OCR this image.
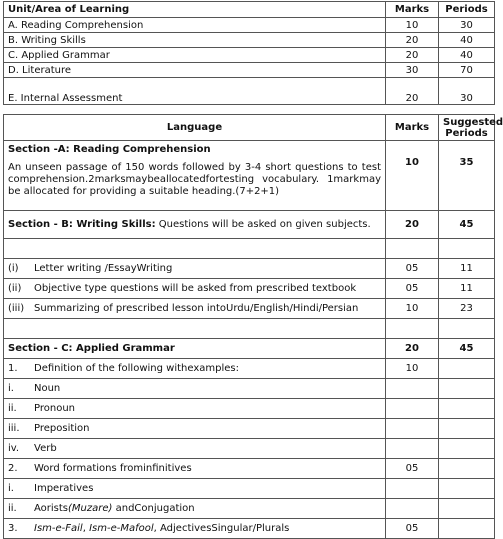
Unit/Area of Learning	Marks	Periods
A. Reading Comprehension	10	30
B. Writing Skills	20	40
C. Applied Grammar	20	40
D. Literature	30	70
E. Internal Assessment	20	30
Language	Marks	Suggested Periods

Section -A: Reading Comprehension
An unseen passage of 150 words followed by 3-4 short questions to test comprehension.2marksmaybeallocatedfortesting vocabulary. 1markmay be allocated for providing a suitable heading.(7+2+1)	10	35
Section - B: Writing Skills: Questions will be asked on given subjects.	20	45

(i) Letter writing /EssayWriting	05	11
(ii) Objective type questions will be asked from prescribed textbook	05	11
(iii) Summarizing of prescribed lesson intoUrdu/English/Hindi/Persian	10	23

Section - C: Applied Grammar	20	45
1. Definition of the following withexamples:	10	
i. Noun		
ii. Pronoun		
iii. Preposition		
iv. Verb		
2. Word formations frominfinitives	05	
i. Imperatives		
ii. Aorists(Muzare) andConjugation		
3. Ism-e-Fail, Ism-e-Mafool, AdjectivesSingular/Plurals	05	
